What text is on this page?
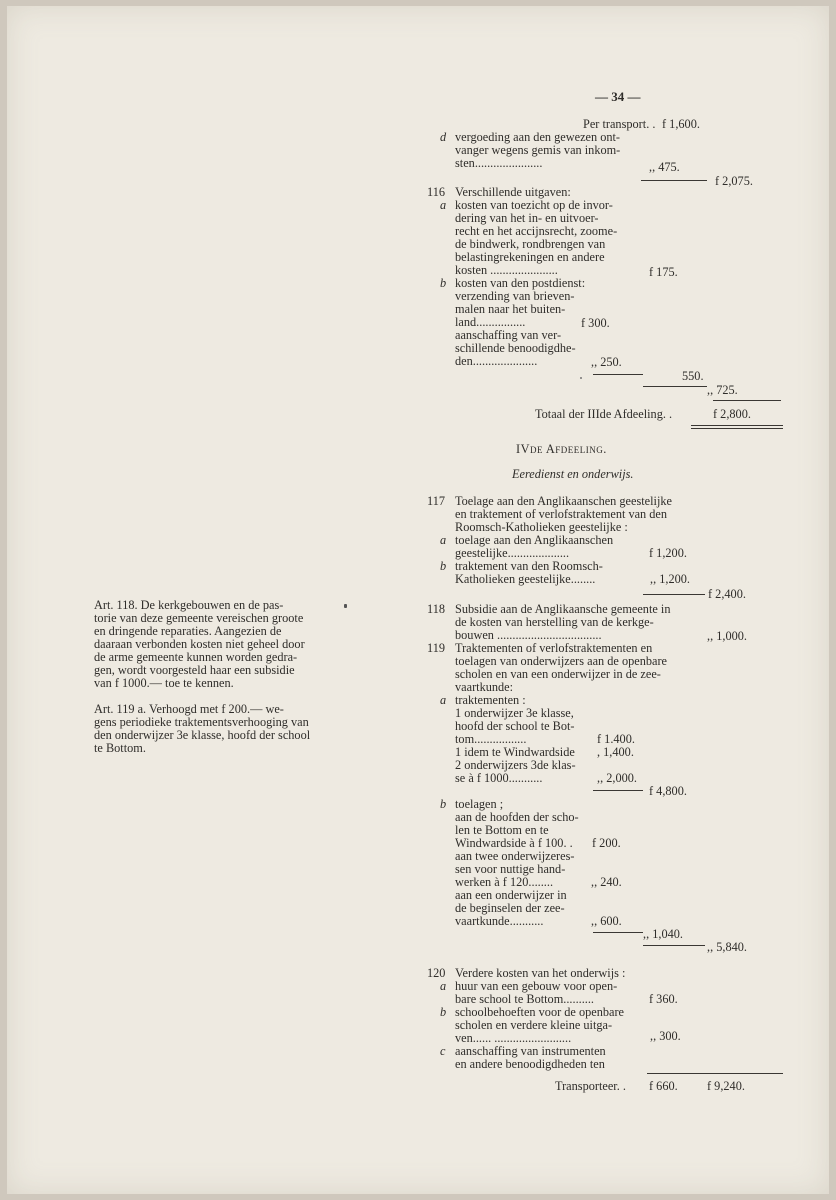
— 34 —
Per transport. . f 1,600.
d vergoeding aan den gewezen ont-
vanger wegens gemis van inkom-
sten......................	,, 475.
f 2,075.
116 Verschillende uitgaven:
a kosten van toezicht op de invor-
dering van het in- en uitvoer-
recht en het accijnsrecht, zoome-
de bindwerk, rondbrengen van
belastingrekeningen en andere
kosten ......................	f 175.
b kosten van den postdienst:
verzending van brieven-
malen naar het buiten-
land................	f 300.
aanschaffing van ver-
schillende benoodigdhe-
den.....................	,, 250.
550.
,, 725.
Totaal der IIIde Afdeeling. .	f 2,800.
IVde Afdeeling.
Eeredienst en onderwijs.
117 Toelage aan den Anglikaanschen geestelijke
en traktement of verlofstraktement van den
Roomsch-Katholieken geestelijke :
a toelage aan den Anglikaanschen
geestelijke....................	f 1,200.
b traktement van den Roomsch-
Katholieken geestelijke........	,, 1,200.
f 2,400.
118 Subsidie aan de Anglikaansche gemeente in
de kosten van herstelling van de kerkge-
bouwen ..................................	,, 1,000.
119 Traktementen of verlofstraktementen en
toelagen van onderwijzers aan de openbare
scholen en van een onderwijzer in de zee-
vaartkunde:
a traktementen :
1 onderwijzer 3e klasse,
hoofd der school te Bot-
tom.................	f 1.400.
1 idem te Windwardside , 1,400.
2 onderwijzers 3de klas-
se à f 1000...........	,, 2,000.
f 4,800.
b toelagen ;
aan de hoofden der scho-
len te Bottom en te
Windwardside à f 100. . f 200.
aan twee onderwijzeres-
sen voor nuttige hand-
werken à f 120........	,, 240.
aan een onderwijzer in
de beginselen der zee-
vaartkunde...........	,, 600.
,, 1,040.
,, 5,840.
120 Verdere kosten van het onderwijs :
a huur van een gebouw voor open-
bare school te Bottom..........	f 360.
b schoolbehoeften voor de openbare
scholen en verdere kleine uitga-
ven...... .........................	,, 300.
c aanschaffing van instrumenten
en andere benoodigdheden ten
Transporteer. . f 660. f 9,240.
Art. 118. De kerkgebouwen en de pas-
torie van deze gemeente vereischen groote
en dringende reparaties. Aangezien de
daaraan verbonden kosten niet geheel door
de arme gemeente kunnen worden gedra-
gen, wordt voorgesteld haar een subsidie
van f 1000.— toe te kennen.
Art. 119 a. Verhoogd met f 200.— we-
gens periodieke traktementsverhooging van
den onderwijzer 3e klasse, hoofd der school
te Bottom.
